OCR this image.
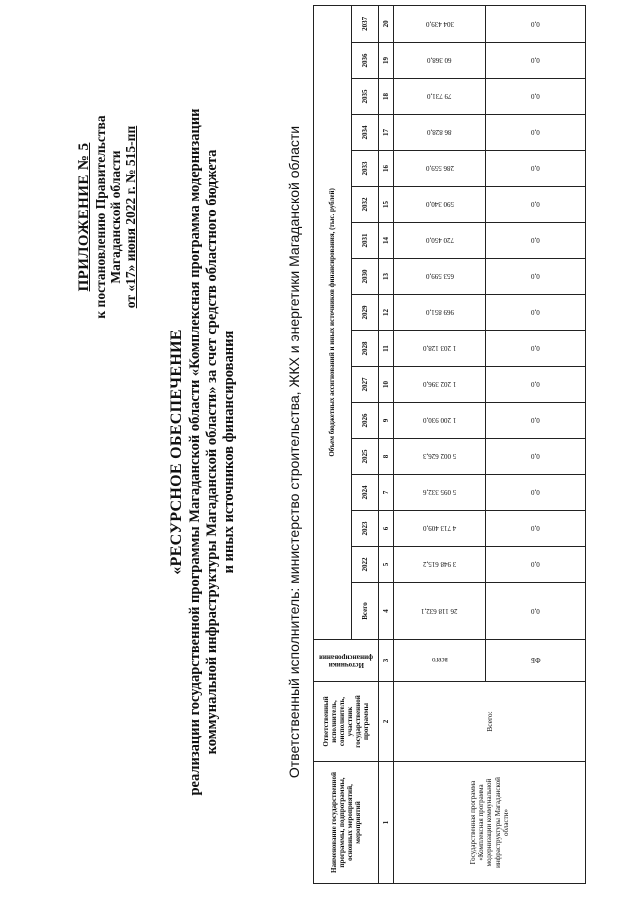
ПРИЛОЖЕНИЕ № 5 к постановлению Правительства Магаданской области от «17» июня 2022 г. № 515-пп
«РЕСУРСНОЕ ОБЕСПЕЧЕНИЕ реализации государственной программы Магаданской области «Комплексная программа модернизации коммунальной инфраструктуры Магаданской области» за счет средств областного бюджета и иных источников финансирования	Ответственный исполнитель: министерство строительства, ЖКХ и энергетики Магаданской области
Наименование государственной программы, подпрограммы, основных мероприятий, мероприятий	Ответственный исполнитель, соисполнитель, участник государственной программы	Источники финансирования	Объем бюджетных ассигнований и иных источников финансирования, (тыс. рублей)																
			Всего	2022	2023	2024	2025	2026	2027	2028	2029	2030	2031	2032	2033	2034	2035	2036	2037
1	2	3	4	5	6	7	8	9	10	11	12	13	14	15	16	17	18	19	20
Государственная программа «Комплексная программа модернизации коммунальной инфраструктуры Магаданской области»	Всего:	всего	26 118 632,1	3 948 615,2	4 713 409,0	5 095 332,6	5 002 626,3	1 200 930,0	1 202 396,0	1 203 128,0	969 851,0	653 599,0	720 450,0	590 340,0	286 559,0	86 828,0	79 731,0	60 368,0	304 439,0

		ФБ	0,0	0,0	0,0	0,0	0,0	0,0	0,0	0,0	0,0	0,0	0,0	0,0	0,0	0,0	0,0	0,0	0,0
